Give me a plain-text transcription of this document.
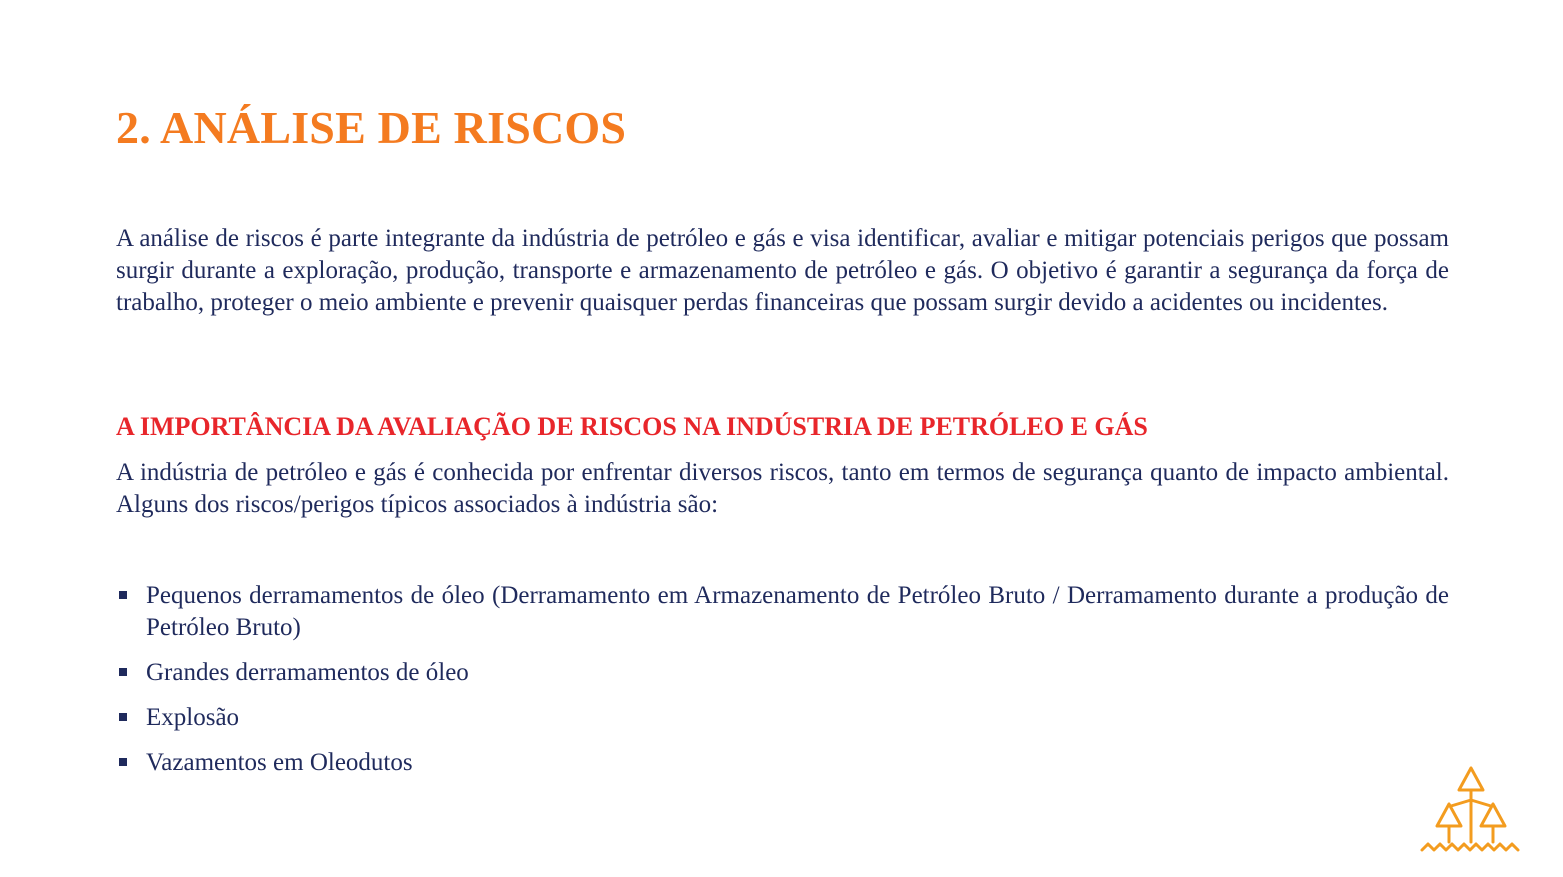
2. ANÁLISE DE RISCOS

A análise de riscos é parte integrante da indústria de petróleo e gás e visa identificar, avaliar e mitigar potenciais perigos que possam surgir durante a exploração, produção, transporte e armazenamento de petróleo e gás. O objetivo é garantir a segurança da força de trabalho, proteger o meio ambiente e prevenir quaisquer perdas financeiras que possam surgir devido a acidentes ou incidentes.

A IMPORTÂNCIA DA AVALIAÇÃO DE RISCOS NA INDÚSTRIA DE PETRÓLEO E GÁS

A indústria de petróleo e gás é conhecida por enfrentar diversos riscos, tanto em termos de segurança quanto de impacto ambiental. Alguns dos riscos/perigos típicos associados à indústria são:

Pequenos derramamentos de óleo (Derramamento em Armazenamento de Petróleo Bruto / Derramamento durante a produção de Petróleo Bruto)
Grandes derramamentos de óleo
Explosão
Vazamentos em Oleodutos
